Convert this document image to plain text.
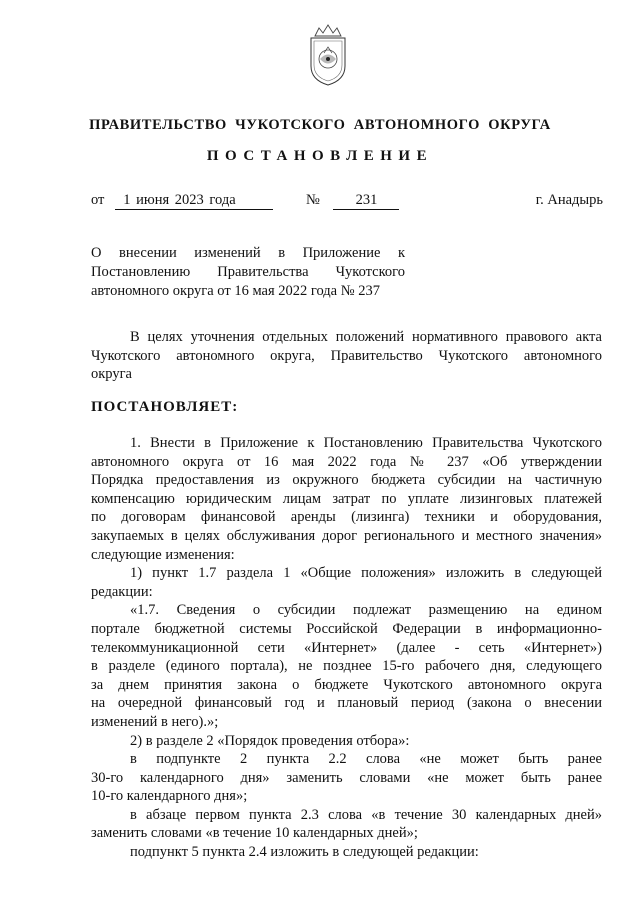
ПРАВИТЕЛЬСТВО ЧУКОТСКОГО АВТОНОМНОГО ОКРУГА
ПОСТАНОВЛЕНИЕ
от 1 июня 2023 года	№ 231	г. Анадырь
О внесении изменений в Приложение к
Постановлению Правительства Чукотского
автономного округа от 16 мая 2022 года № 237
В целях уточнения отдельных положений нормативного правового акта
Чукотского автономного округа, Правительство Чукотского автономного
округа
ПОСТАНОВЛЯЕТ:
1. Внести в Приложение к Постановлению Правительства Чукотского
автономного округа от 16 мая 2022 года № 237 «Об утверждении
Порядка предоставления из окружного бюджета субсидии на частичную
компенсацию юридическим лицам затрат по уплате лизинговых платежей
по договорам финансовой аренды (лизинга) техники и оборудования,
закупаемых в целях обслуживания дорог регионального и местного значения»
следующие изменения:
1) пункт 1.7 раздела 1 «Общие положения» изложить в следующей
редакции:
«1.7. Сведения о субсидии подлежат размещению на едином
портале бюджетной системы Российской Федерации в информационно-
телекоммуникационной сети «Интернет» (далее - сеть «Интернет»)
в разделе (единого портала), не позднее 15-го рабочего дня, следующего
за днем принятия закона о бюджете Чукотского автономного округа
на очередной финансовый год и плановый период (закона о внесении
изменений в него).»;
2) в разделе 2 «Порядок проведения отбора»:
в подпункте 2 пункта 2.2 слова «не может быть ранее
30-го календарного дня» заменить словами «не может быть ранее
10-го календарного дня»;
в абзаце первом пункта 2.3 слова «в течение 30 календарных дней»
заменить словами «в течение 10 календарных дней»;
подпункт 5 пункта 2.4 изложить в следующей редакции:
